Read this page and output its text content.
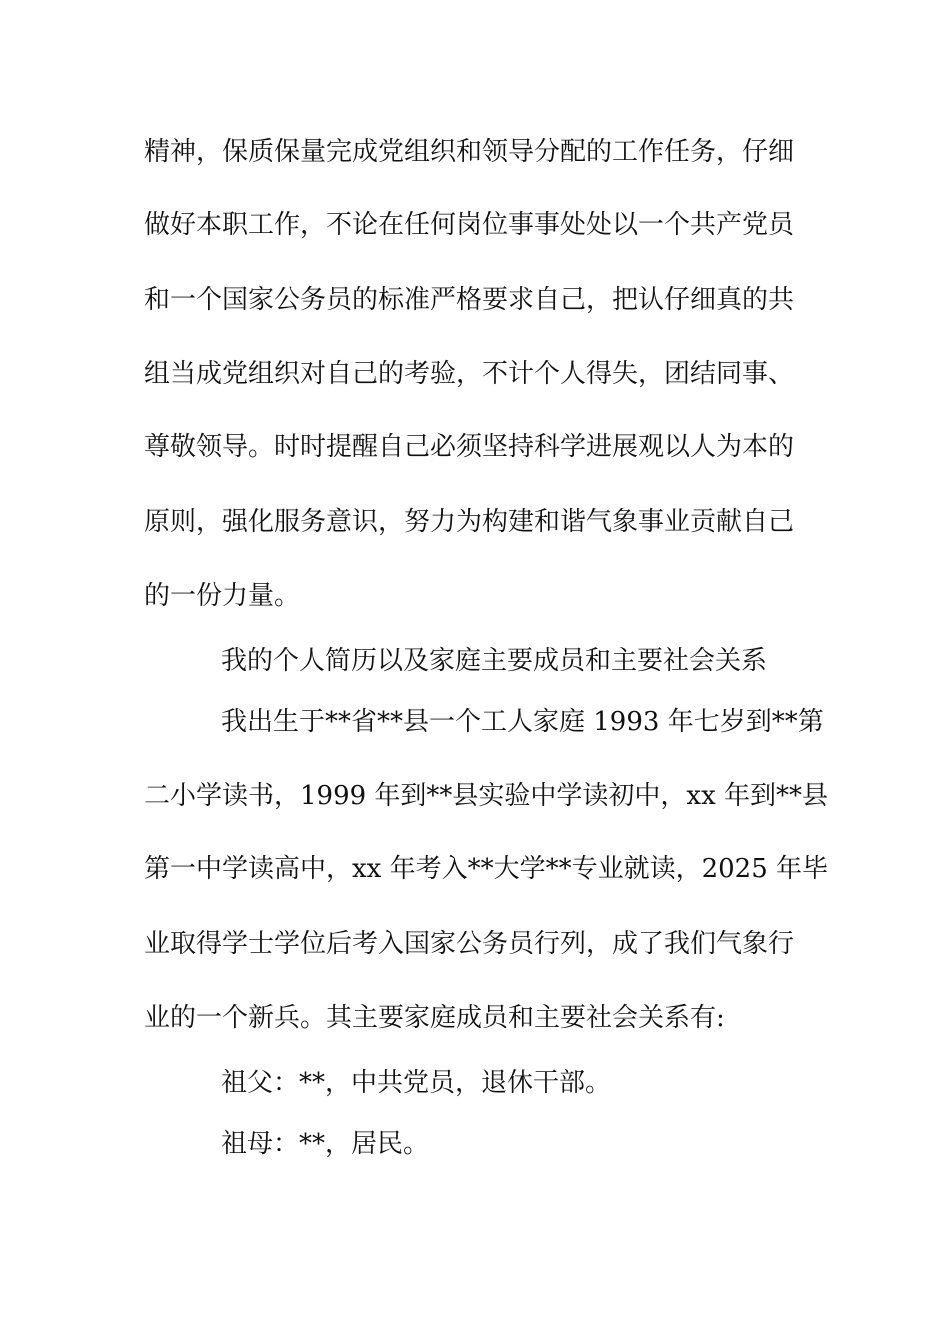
精神，保质保量完成党组织和领导分配的工作任务，仔细
做好本职工作，不论在任何岗位事事处处以一个共产党员
和一个国家公务员的标准严格要求自己，把认仔细真的共
组当成党组织对自己的考验，不计个人得失，团结同事、
尊敬领导。时时提醒自己必须坚持科学进展观以人为本的
原则，强化服务意识，努力为构建和谐气象事业贡献自己
的一份力量。
我的个人简历以及家庭主要成员和主要社会关系
我出生于**省**县一个工人家庭 1993 年七岁到**第
二小学读书，1999 年到**县实验中学读初中，xx 年到**县
第一中学读高中，xx 年考入**大学**专业就读，2025 年毕
业取得学士学位后考入国家公务员行列，成了我们气象行
业的一个新兵。其主要家庭成员和主要社会关系有:
祖父：**，中共党员，退休干部。
祖母：**，居民。
